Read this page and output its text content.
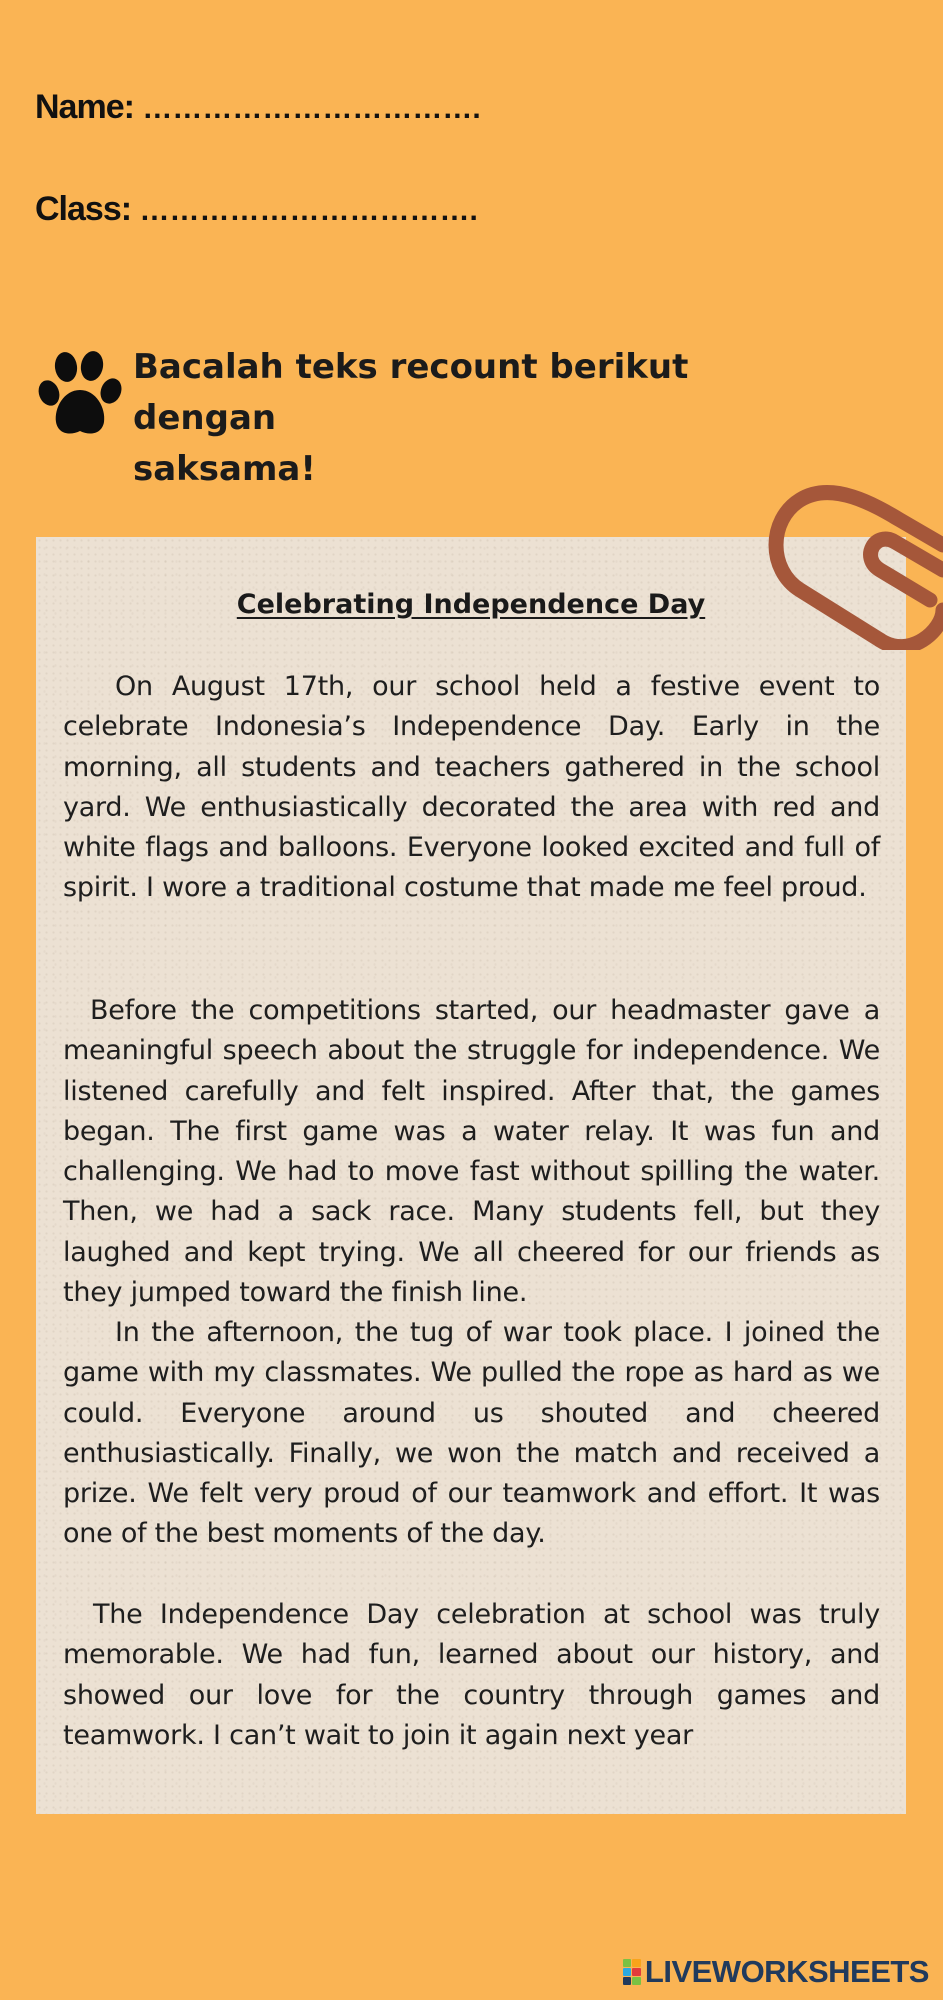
Name: …………………………….
Class: …………………………….
Bacalah teks recount berikut dengan
saksama!
Celebrating Independence Day

On August 17th, our school held a festive event to celebrate Indonesia’s Independence Day. Early in the morning, all students and teachers gathered in the school yard. We enthusiastically decorated the area with red and white flags and balloons. Everyone looked excited and full of spirit. I wore a traditional costume that made me feel proud.

Before the competitions started, our headmaster gave a meaningful speech about the struggle for independence. We listened carefully and felt inspired. After that, the games began. The first game was a water relay. It was fun and challenging. We had to move fast without spilling the water. Then, we had a sack race. Many students fell, but they laughed and kept trying. We all cheered for our friends as they jumped toward the finish line.

In the afternoon, the tug of war took place. I joined the game with my classmates. We pulled the rope as hard as we could. Everyone around us shouted and cheered enthusiastically. Finally, we won the match and received a prize. We felt very proud of our teamwork and effort. It was one of the best moments of the day.

The Independence Day celebration at school was truly memorable. We had fun, learned about our history, and showed our love for the country through games and teamwork. I can’t wait to join it again next year

LIVEWORKSHEETS
